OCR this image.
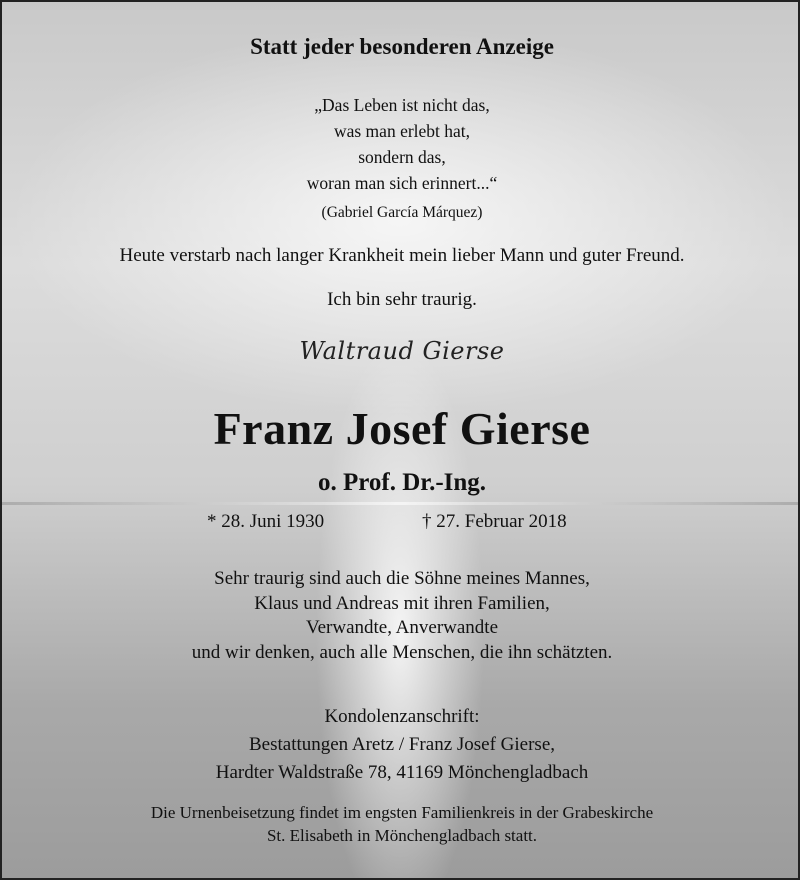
Statt jeder besonderen Anzeige
„Das Leben ist nicht das,
was man erlebt hat,
sondern das,
woran man sich erinnert...“
(Gabriel García Márquez)
Heute verstarb nach langer Krankheit mein lieber Mann und guter Freund.
Ich bin sehr traurig.
Waltraud Gierse
Franz Josef Gierse
o. Prof. Dr.-Ing.
* 28. Juni 1930	† 27. Februar 2018
Sehr traurig sind auch die Söhne meines Mannes,
Klaus und Andreas mit ihren Familien,
Verwandte, Anverwandte
und wir denken, auch alle Menschen, die ihn schätzten.
Kondolenzanschrift:
Bestattungen Aretz / Franz Josef Gierse,
Hardter Waldstraße 78, 41169 Mönchengladbach
Die Urnenbeisetzung findet im engsten Familienkreis in der Grabeskirche
St. Elisabeth in Mönchengladbach statt.
